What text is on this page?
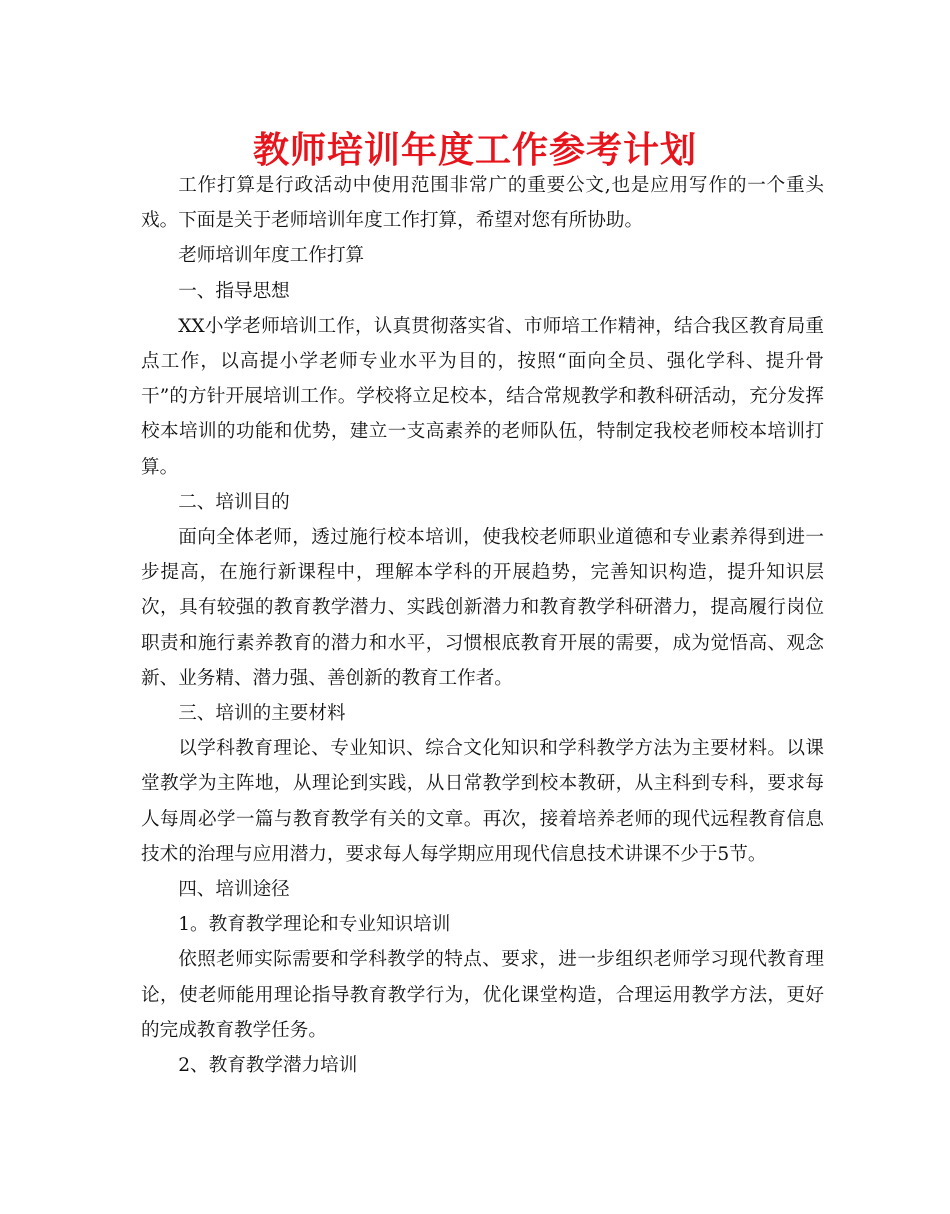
教师培训年度工作参考计划

工作打算是行政活动中使用范围非常广的重要公文,也是应用写作的一个重头戏。下面是关于老师培训年度工作打算，希望对您有所协助。

老师培训年度工作打算

一、指导思想

XX小学老师培训工作，认真贯彻落实省、市师培工作精神，结合我区教育局重点工作，以高提小学老师专业水平为目的，按照“面向全员、强化学科、提升骨干”的方针开展培训工作。学校将立足校本，结合常规教学和教科研活动，充分发挥校本培训的功能和优势，建立一支高素养的老师队伍，特制定我校老师校本培训打算。

二、培训目的

面向全体老师，透过施行校本培训，使我校老师职业道德和专业素养得到进一步提高，在施行新课程中，理解本学科的开展趋势，完善知识构造，提升知识层次，具有较强的教育教学潜力、实践创新潜力和教育教学科研潜力，提高履行岗位职责和施行素养教育的潜力和水平，习惯根底教育开展的需要，成为觉悟高、观念新、业务精、潜力强、善创新的教育工作者。

三、培训的主要材料

以学科教育理论、专业知识、综合文化知识和学科教学方法为主要材料。以课堂教学为主阵地，从理论到实践，从日常教学到校本教研，从主科到专科，要求每人每周必学一篇与教育教学有关的文章。再次，接着培养老师的现代远程教育信息技术的治理与应用潜力，要求每人每学期应用现代信息技术讲课不少于5节。

四、培训途径

1。教育教学理论和专业知识培训

依照老师实际需要和学科教学的特点、要求，进一步组织老师学习现代教育理论，使老师能用理论指导教育教学行为，优化课堂构造，合理运用教学方法，更好的完成教育教学任务。

2、教育教学潜力培训
